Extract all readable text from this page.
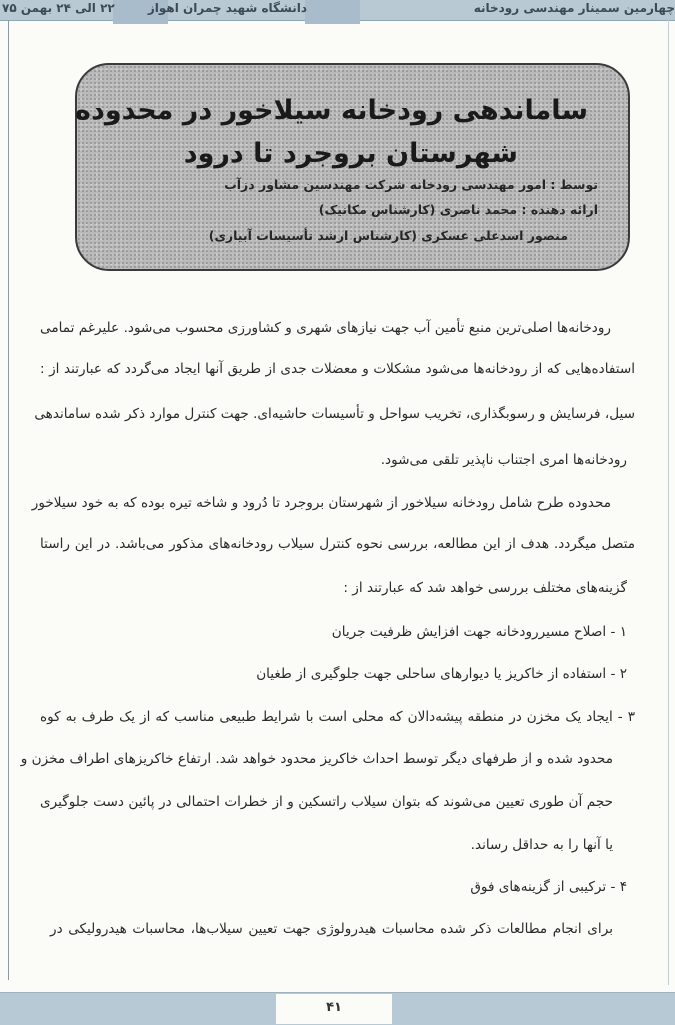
چهارمین سمینار مهندسی رودخانه
دانشگاه شهید چمران اهواز
۲۲ الی ۲۴ بهمن ۷۵
ساماندهی رودخانه سیلاخور در محدوده
شهرستان بروجرد تا درود
توسط : امور مهندسی رودخانه شرکت مهندسین مشاور دزآب
ارائه دهنده : محمد ناصری (کارشناس مکانیک)
منصور اسدعلی عسکری (کارشناس ارشد تأسیسات آبیاری)
رودخانه‌ها اصلی‌ترین منبع تأمین آب جهت نیازهای شهری و کشاورزی محسوب می‌شود. علیرغم تمامی
استفاده‌هایی که از رودخانه‌ها می‌شود مشکلات و معضلات جدی از طریق آنها ایجاد می‌گردد که عبارتند از :
سیل، فرسایش و رسوبگذاری، تخریب سواحل و تأسیسات حاشیه‌ای. جهت کنترل موارد ذکر شده ساماندهی
رودخانه‌ها امری اجتناب ناپذیر تلقی می‌شود.
محدوده طرح شامل رودخانه سیلاخور از شهرستان بروجرد تا دُرود و شاخه تیره بوده که به خود سیلاخور
متصل میگردد. هدف از این مطالعه، بررسی نحوه کنترل سیلاب رودخانه‌های مذکور می‌باشد. در این راستا
گزینه‌های مختلف بررسی خواهد شد که عبارتند از :
۱ - اصلاح مسیررودخانه جهت افزایش ظرفیت جریان
۲ - استفاده از خاکریز یا دیوارهای ساحلی جهت جلوگیری از طغیان
۳ - ایجاد یک مخزن در منطقه پیشه‌دالان که محلی است با شرایط طبیعی مناسب که از یک طرف به کوه
محدود شده و از طرفهای دیگر توسط احداث خاکریز محدود خواهد شد. ارتفاع خاکریزهای اطراف مخزن و
حجم آن طوری تعیین می‌شوند که بتوان سیلاب راتسکین و از خطرات احتمالی در پائین دست جلوگیری
یا آنها را به حداقل رساند.
۴ - ترکیبی از گزینه‌های فوق
برای انجام مطالعات ذکر شده محاسبات هیدرولوژی جهت تعیین سیلاب‌ها، محاسبات هیدرولیکی در
۴۱
